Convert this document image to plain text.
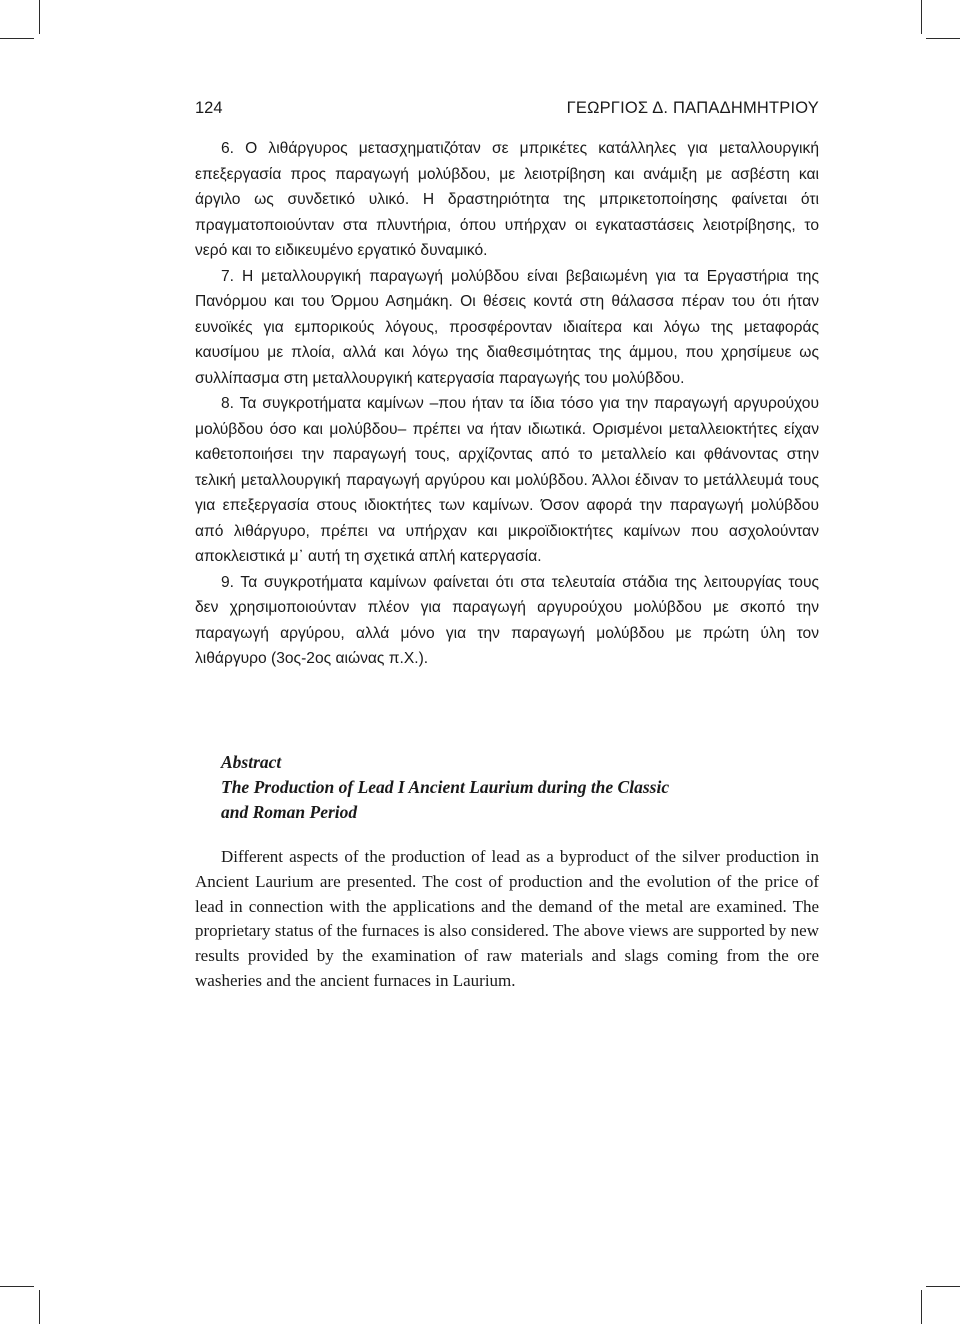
124	ΓΕΩΡΓΙΟΣ Δ. ΠΑΠΑΔΗΜΗΤΡΙΟΥ

6. Ο λιθάργυρος μετασχηματιζόταν σε μπρικέτες κατάλληλες για μεταλλουργική επεξεργασία προς παραγωγή μολύβδου, με λειοτρίβηση και ανάμιξη με ασβέστη και άργιλο ως συνδετικό υλικό. Η δραστηριότητα της μπρικετοποίησης φαίνεται ότι πραγματοποιούνταν στα πλυντήρια, όπου υπήρχαν οι εγκαταστάσεις λειοτρίβησης, το νερό και το ειδικευμένο εργατικό δυναμικό.

7. Η μεταλλουργική παραγωγή μολύβδου είναι βεβαιωμένη για τα Εργαστήρια της Πανόρμου και του Όρμου Ασημάκη. Οι θέσεις κοντά στη θάλασσα πέραν του ότι ήταν ευνοϊκές για εμπορικούς λόγους, προσφέρονταν ιδιαίτερα και λόγω της μεταφοράς καυσίμου με πλοία, αλλά και λόγω της διαθεσιμότητας της άμμου, που χρησίμευε ως συλλίπασμα στη μεταλλουργική κατεργασία παραγωγής του μολύβδου.

8. Τα συγκροτήματα καμίνων –που ήταν τα ίδια τόσο για την παραγωγή αργυρούχου μολύβδου όσο και μολύβδου– πρέπει να ήταν ιδιωτικά. Ορισμένοι μεταλλειοκτήτες είχαν καθετοποιήσει την παραγωγή τους, αρχίζοντας από το μεταλλείο και φθάνοντας στην τελική μεταλλουργική παραγωγή αργύρου και μολύβδου. Άλλοι έδιναν το μετάλλευμά τους για επεξεργασία στους ιδιοκτήτες των καμίνων. Όσον αφορά την παραγωγή μολύβδου από λιθάργυρο, πρέπει να υπήρχαν και μικροϊδιοκτήτες καμίνων που ασχολούνταν αποκλειστικά μ᾽ αυτή τη σχετικά απλή κατεργασία.

9. Τα συγκροτήματα καμίνων φαίνεται ότι στα τελευταία στάδια της λειτουργίας τους δεν χρησιμοποιούνταν πλέον για παραγωγή αργυρούχου μολύβδου με σκοπό την παραγωγή αργύρου, αλλά μόνο για την παραγωγή μολύβδου με πρώτη ύλη τον λιθάργυρο (3ος-2ος αιώνας π.Χ.).

Abstract

The Production of Lead I Ancient Laurium during the Classic

and Roman Period

Different aspects of the production of lead as a byproduct of the silver production in Ancient Laurium are presented. The cost of production and the evolution of the price of lead in connection with the applications and the demand of the metal are examined. The proprietary status of the furnaces is also considered. The above views are supported by new results provided by the examination of raw materials and slags coming from the ore washeries and the ancient furnaces in Laurium.
